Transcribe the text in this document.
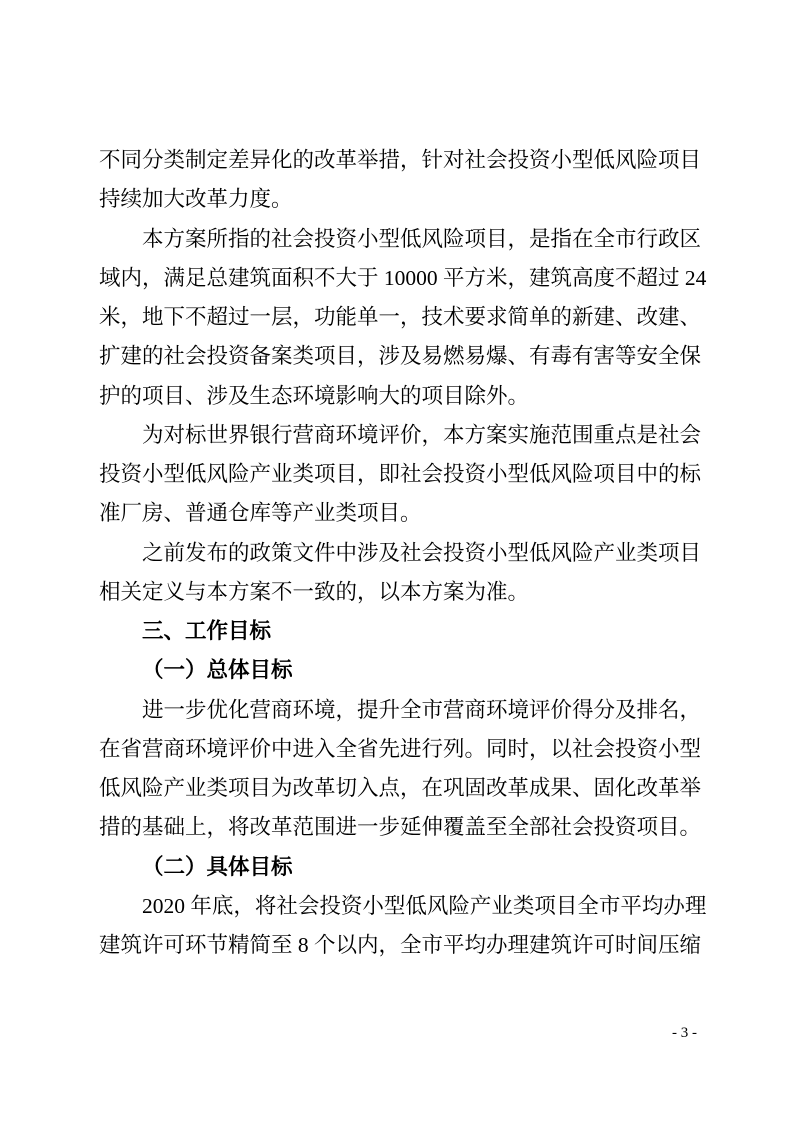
不同分类制定差异化的改革举措，针对社会投资小型低风险项目
持续加大改革力度。
本方案所指的社会投资小型低风险项目，是指在全市行政区
域内，满足总建筑面积不大于 10000 平方米，建筑高度不超过 24
米，地下不超过一层，功能单一，技术要求简单的新建、改建、
扩建的社会投资备案类项目，涉及易燃易爆、有毒有害等安全保
护的项目、涉及生态环境影响大的项目除外。
为对标世界银行营商环境评价，本方案实施范围重点是社会
投资小型低风险产业类项目，即社会投资小型低风险项目中的标
准厂房、普通仓库等产业类项目。
之前发布的政策文件中涉及社会投资小型低风险产业类项目
相关定义与本方案不一致的，以本方案为准。
三、工作目标
（一）总体目标
进一步优化营商环境，提升全市营商环境评价得分及排名，
在省营商环境评价中进入全省先进行列。同时，以社会投资小型
低风险产业类项目为改革切入点，在巩固改革成果、固化改革举
措的基础上，将改革范围进一步延伸覆盖至全部社会投资项目。
（二）具体目标
2020 年底，将社会投资小型低风险产业类项目全市平均办理
建筑许可环节精简至 8 个以内，全市平均办理建筑许可时间压缩
- 3 -
